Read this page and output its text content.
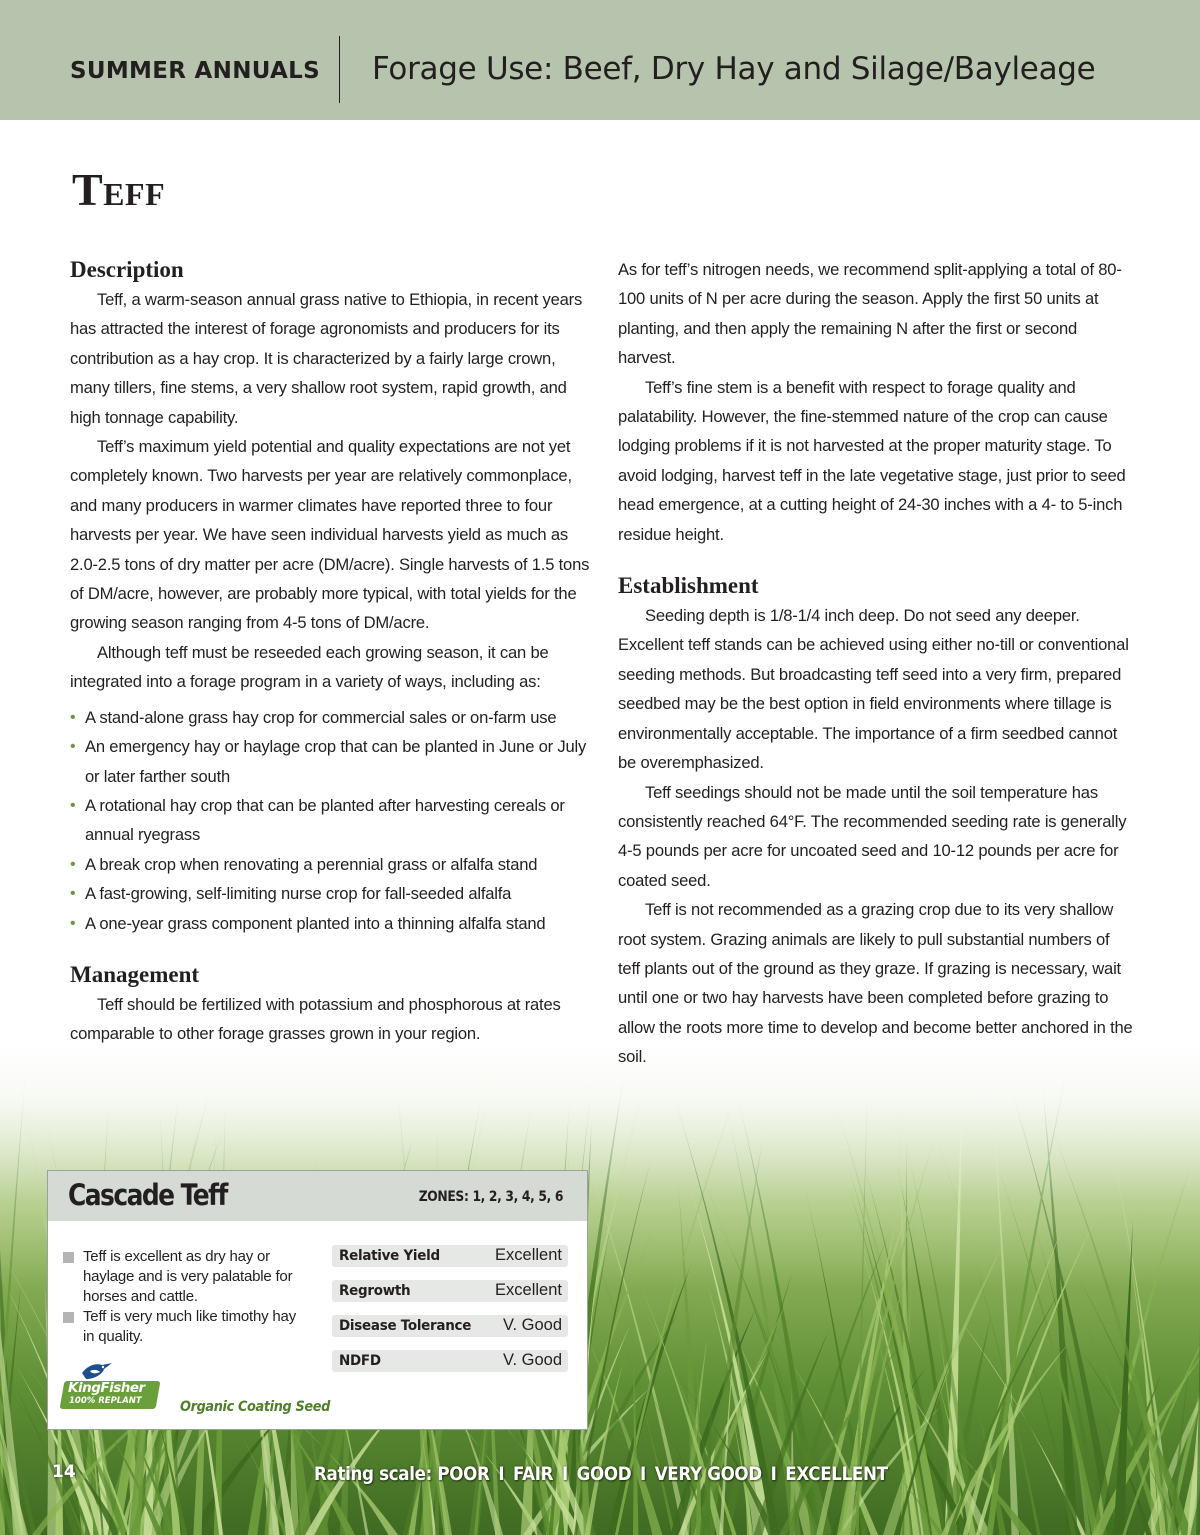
SUMMER ANNUALS Forage Use: Beef, Dry Hay and Silage/Bayleage
Teff
Description

Teff, a warm-season annual grass native to Ethiopia, in recent years has attracted the interest of forage agronomists and producers for its contribution as a hay crop. It is characterized by a fairly large crown, many tillers, fine stems, a very shallow root system, rapid growth, and high tonnage capability.

Teff’s maximum yield potential and quality expectations are not yet completely known. Two harvests per year are relatively commonplace, and many producers in warmer climates have reported three to four harvests per year. We have seen individual harvests yield as much as 2.0-2.5 tons of dry matter per acre (DM/acre). Single harvests of 1.5 tons of DM/acre, however, are probably more typical, with total yields for the growing season ranging from 4-5 tons of DM/acre.

Although teff must be reseeded each growing season, it can be integrated into a forage program in a variety of ways, including as:

• A stand-alone grass hay crop for commercial sales or on-farm use
• An emergency hay or haylage crop that can be planted in June or July or later farther south
• A rotational hay crop that can be planted after harvesting cereals or annual ryegrass
• A break crop when renovating a perennial grass or alfalfa stand
• A fast-growing, self-limiting nurse crop for fall-seeded alfalfa
• A one-year grass component planted into a thinning alfalfa stand
Management

Teff should be fertilized with potassium and phosphorous at rates comparable to other forage grasses grown in your region.

As for teff’s nitrogen needs, we recommend split-applying a total of 80-100 units of N per acre during the season. Apply the first 50 units at planting, and then apply the remaining N after the first or second harvest.

Teff’s fine stem is a benefit with respect to forage quality and palatability. However, the fine-stemmed nature of the crop can cause lodging problems if it is not harvested at the proper maturity stage. To avoid lodging, harvest teff in the late vegetative stage, just prior to seed head emergence, at a cutting height of 24-30 inches with a 4- to 5-inch residue height.

Establishment

Seeding depth is 1/8-1/4 inch deep. Do not seed any deeper. Excellent teff stands can be achieved using either no-till or conventional seeding methods. But broadcasting teff seed into a very firm, prepared seedbed may be the best option in field environments where tillage is environmentally acceptable. The importance of a firm seedbed cannot be overemphasized.

Teff seedings should not be made until the soil temperature has consistently reached 64°F. The recommended seeding rate is generally 4-5 pounds per acre for uncoated seed and 10-12 pounds per acre for coated seed.

Teff is not recommended as a grazing crop due to its very shallow root system. Grazing animals are likely to pull substantial numbers of teff plants out of the ground as they graze. If grazing is necessary, wait until one or two hay harvests have been completed before grazing to allow the roots more time to develop and become better anchored in the soil.

Cascade Teff	ZONES: 1, 2, 3, 4, 5, 6
Teff is excellent as dry hay or haylage and is very palatable for horses and cattle.
Teff is very much like timothy hay in quality.
Relative Yield	Excellent
Regrowth	Excellent
Disease Tolerance V. Good
NDFD	V. Good
KingFisher
100% REPLANT	Organic Coating Seed
Rating scale: POOR I FAIR I GOOD I VERY GOOD I EXCELLENT
14
